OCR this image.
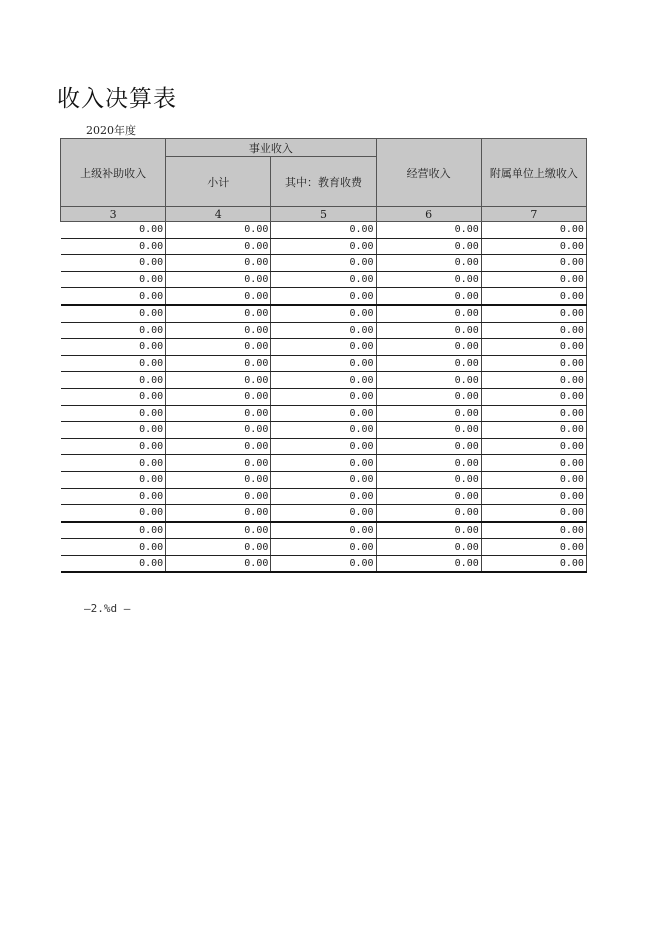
收入决算表
2020年度
上级补助收入	事业收入		经营收入	附属单位上缴收入
	小计	其中：教育收费		
3	4	5	6	7
0.00	0.00	0.00	0.00	0.00
0.00	0.00	0.00	0.00	0.00
0.00	0.00	0.00	0.00	0.00
0.00	0.00	0.00	0.00	0.00
0.00	0.00	0.00	0.00	0.00
0.00	0.00	0.00	0.00	0.00
0.00	0.00	0.00	0.00	0.00
0.00	0.00	0.00	0.00	0.00
0.00	0.00	0.00	0.00	0.00
0.00	0.00	0.00	0.00	0.00
0.00	0.00	0.00	0.00	0.00
0.00	0.00	0.00	0.00	0.00
0.00	0.00	0.00	0.00	0.00
0.00	0.00	0.00	0.00	0.00
0.00	0.00	0.00	0.00	0.00
0.00	0.00	0.00	0.00	0.00
0.00	0.00	0.00	0.00	0.00
0.00	0.00	0.00	0.00	0.00
0.00	0.00	0.00	0.00	0.00
0.00	0.00	0.00	0.00	0.00
0.00	0.00	0.00	0.00	0.00
—2.%d —
